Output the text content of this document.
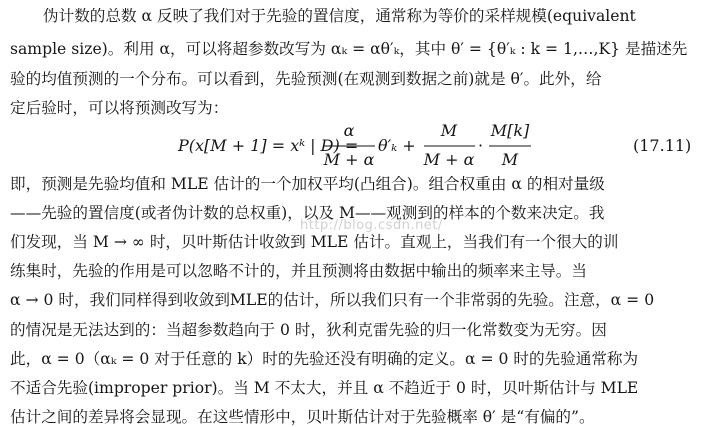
伪计数的总数 α 反映了我们对于先验的置信度，通常称为等价的采样规模(equivalent
sample size)。利用 α，可以将超参数改写为 αₖ = αθ′ₖ，其中 θ′ = {θ′ₖ : k = 1,…,K} 是描述先
验的均值预测的一个分布。可以看到，先验预测(在观测到数据之前)就是 θ′。此外，给
定后验时，可以将预测改写为：
P(x[M + 1] = xᵏ | D) =
α
M + α
θ′ₖ +
M
M + α
·
M[k]
M
(17.11)
即，预测是先验均值和 MLE 估计的一个加权平均(凸组合)。组合权重由 α 的相对量级
——先验的置信度(或者伪计数的总权重)，以及 M——观测到的样本的个数来决定。我
们发现，当 M → ∞ 时，贝叶斯估计收敛到 MLE 估计。直观上，当我们有一个很大的训
练集时，先验的作用是可以忽略不计的，并且预测将由数据中输出的频率来主导。当
α → 0 时，我们同样得到收敛到MLE的估计，所以我们只有一个非常弱的先验。注意，α = 0
的情况是无法达到的：当超参数趋向于 0 时，狄利克雷先验的归一化常数变为无穷。因
此，α = 0（αₖ = 0 对于任意的 k）时的先验还没有明确的定义。α = 0 时的先验通常称为
不适合先验(improper prior)。当 M 不太大，并且 α 不趋近于 0 时，贝叶斯估计与 MLE
估计之间的差异将会显现。在这些情形中，贝叶斯估计对于先验概率 θ′ 是“有偏的”。
http://blog.csdn.net/
